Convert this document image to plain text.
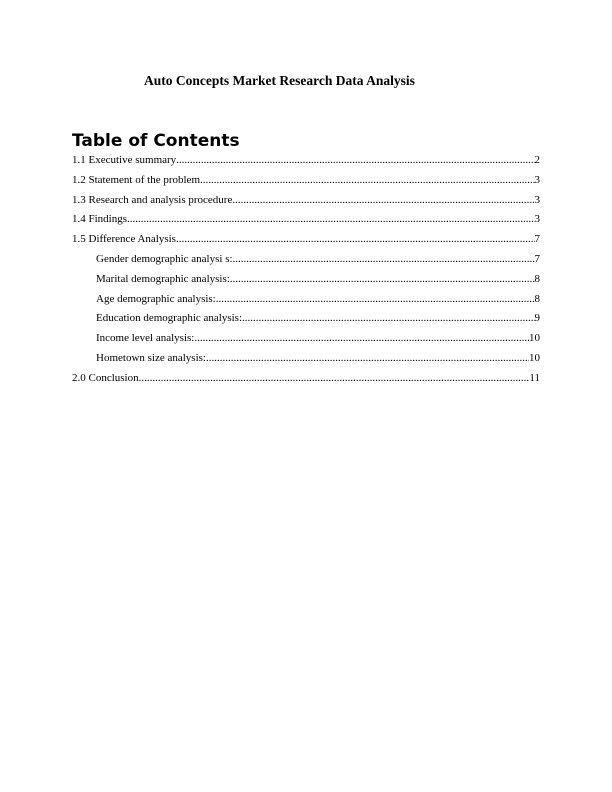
Auto Concepts Market Research Data Analysis
Table of Contents
1.1 Executive summary .....	2
1.2 Statement of the problem .....	3
1.3 Research and analysis procedure .....	3
1.4 Findings .....	3
1.5 Difference Analysis .....	7
Gender demographic analysi s: .....	7
Marital demographic analysis: .....	8
Age demographic analysis: .....	8
Education demographic analysis: .....	9
Income level analysis: .....	10
Hometown size analysis: .....	10
2.0 Conclusion .....	11
